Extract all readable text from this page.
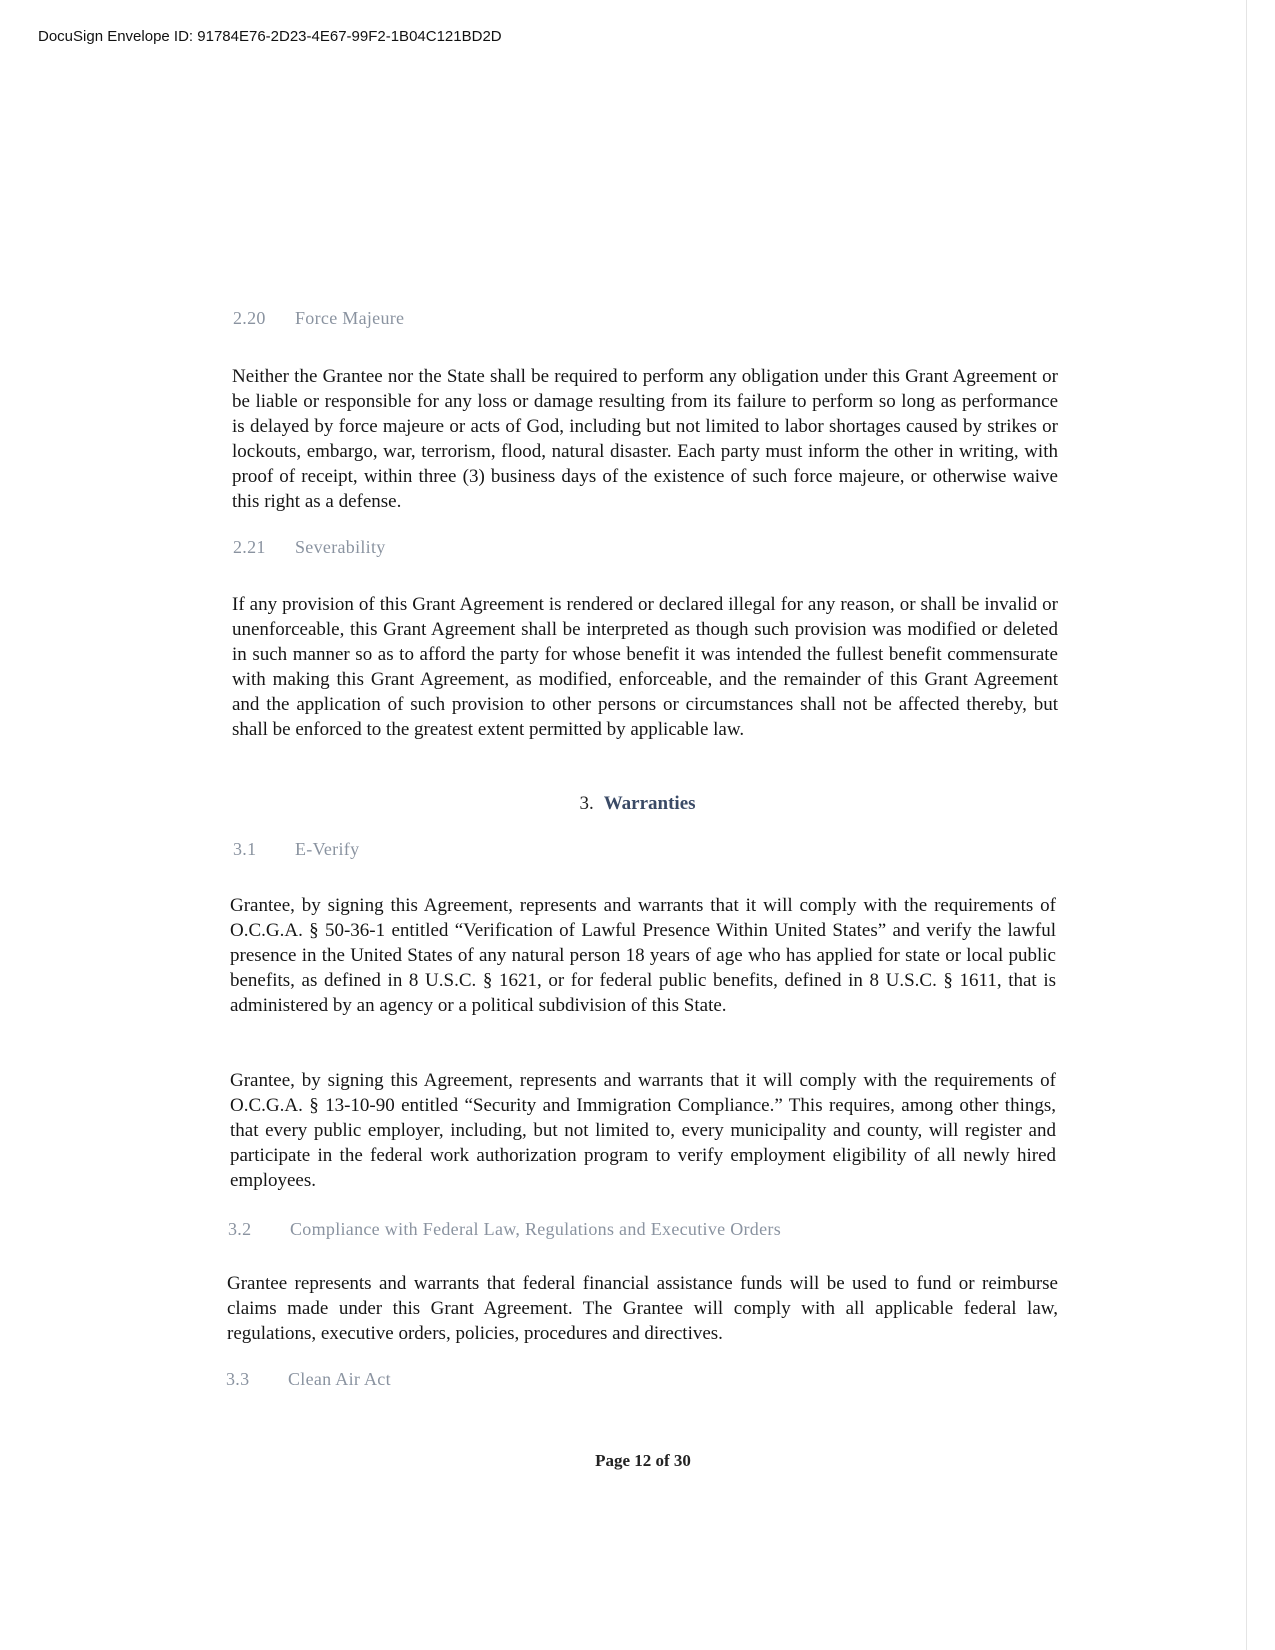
DocuSign Envelope ID: 91784E76-2D23-4E67-99F2-1B04C121BD2D
2.20 Force Majeure
Neither the Grantee nor the State shall be required to perform any obligation under this Grant Agreement or be liable or responsible for any loss or damage resulting from its failure to perform so long as performance is delayed by force majeure or acts of God, including but not limited to labor shortages caused by strikes or lockouts, embargo, war, terrorism, flood, natural disaster. Each party must inform the other in writing, with proof of receipt, within three (3) business days of the existence of such force majeure, or otherwise waive this right as a defense.
2.21 Severability
If any provision of this Grant Agreement is rendered or declared illegal for any reason, or shall be invalid or unenforceable, this Grant Agreement shall be interpreted as though such provision was modified or deleted in such manner so as to afford the party for whose benefit it was intended the fullest benefit commensurate with making this Grant Agreement, as modified, enforceable, and the remainder of this Grant Agreement and the application of such provision to other persons or circumstances shall not be affected thereby, but shall be enforced to the greatest extent permitted by applicable law.
3. Warranties
3.1 E-Verify
Grantee, by signing this Agreement, represents and warrants that it will comply with the requirements of O.C.G.A. § 50-36-1 entitled “Verification of Lawful Presence Within United States” and verify the lawful presence in the United States of any natural person 18 years of age who has applied for state or local public benefits, as defined in 8 U.S.C. § 1621, or for federal public benefits, defined in 8 U.S.C. § 1611, that is administered by an agency or a political subdivision of this State.
Grantee, by signing this Agreement, represents and warrants that it will comply with the requirements of O.C.G.A. § 13-10-90 entitled “Security and Immigration Compliance.” This requires, among other things, that every public employer, including, but not limited to, every municipality and county, will register and participate in the federal work authorization program to verify employment eligibility of all newly hired employees.
3.2 Compliance with Federal Law, Regulations and Executive Orders
Grantee represents and warrants that federal financial assistance funds will be used to fund or reimburse claims made under this Grant Agreement. The Grantee will comply with all applicable federal law, regulations, executive orders, policies, procedures and directives.
3.3 Clean Air Act
Page 12 of 30
